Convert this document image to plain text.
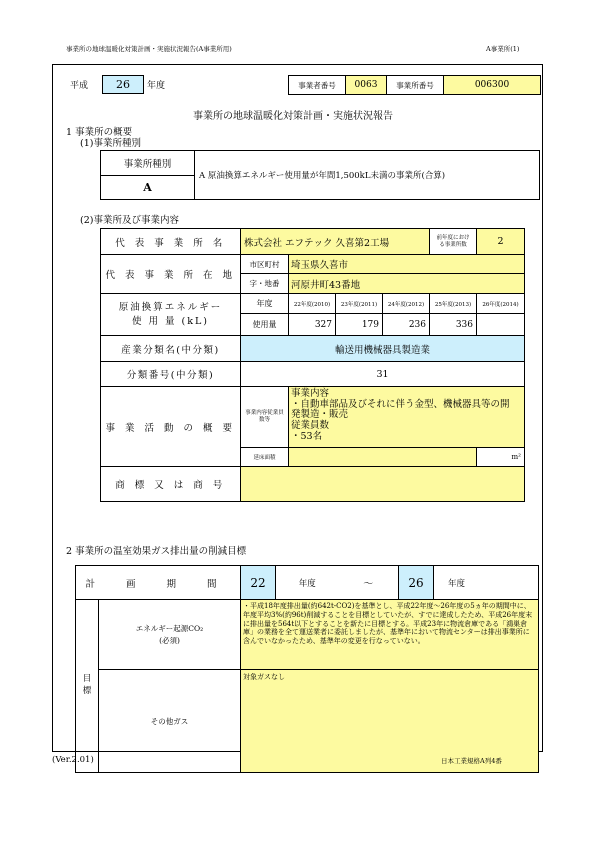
事業所の地球温暖化対策計画・実施状況報告(A事業所用)	A事業所(1)
平成	26	年度	事業者番号	0063	事業所番号	006300
事業所の地球温暖化対策計画・実施状況報告
1 事業所の概要
(1)事業所種別
事業所種別	A 原油換算エネルギー使用量が年間1,500kL未満の事業所(合算)
A
(2)事業所及び事業内容
代 表 事 業 所 名	株式会社 エフテック 久喜第2工場				前年度における事業所数	2
代 表 事 業 所 在 地	市区町村	埼玉県久喜市				
	字・地番	河原井町43番地				

原油換算エネルギー
使 用 量 (kL)	年度	22年度(2010)	23年度(2011)	24年度(2012)	25年度(2013)	26年度(2014)
	使用量	327	179	236	336	
産業分類名(中分類)	輸送用機械器具製造業					
分類番号(中分類)	31					
事 業 活 動 の 概 要	事業内容従業員数等	事業内容
・自動車部品及びそれに伴う金型、機械器具等の開
発製造・販売
従業員数
・53名				

	延床面積					m²
商 標 又 は 商 号						
2 事業所の温室効果ガス排出量の削減目標
計 画 期 間		22	年度	～	26	年度

目標	エネルギー起源CO₂
(必須)	・平成18年度排出量(約642t-CO2)を基準とし、平成22年度～26年度の5ヵ年の期間中に、年度平均3%(約96t)削減することを目標としていたが、すでに達成したため、平成26年度末に排出量を564t以下とすることを新たに目標とする。平成23年に物流倉庫である「鴻巣倉庫」の業務を全て運送業者に委託しましたが、基準年において物流センターは排出事業所に含んでいなかったため、基準年の変更を行なっていない。				
	その他ガス	対象ガスなし				
(Ver.2.01)	日本工業規格A列4番
